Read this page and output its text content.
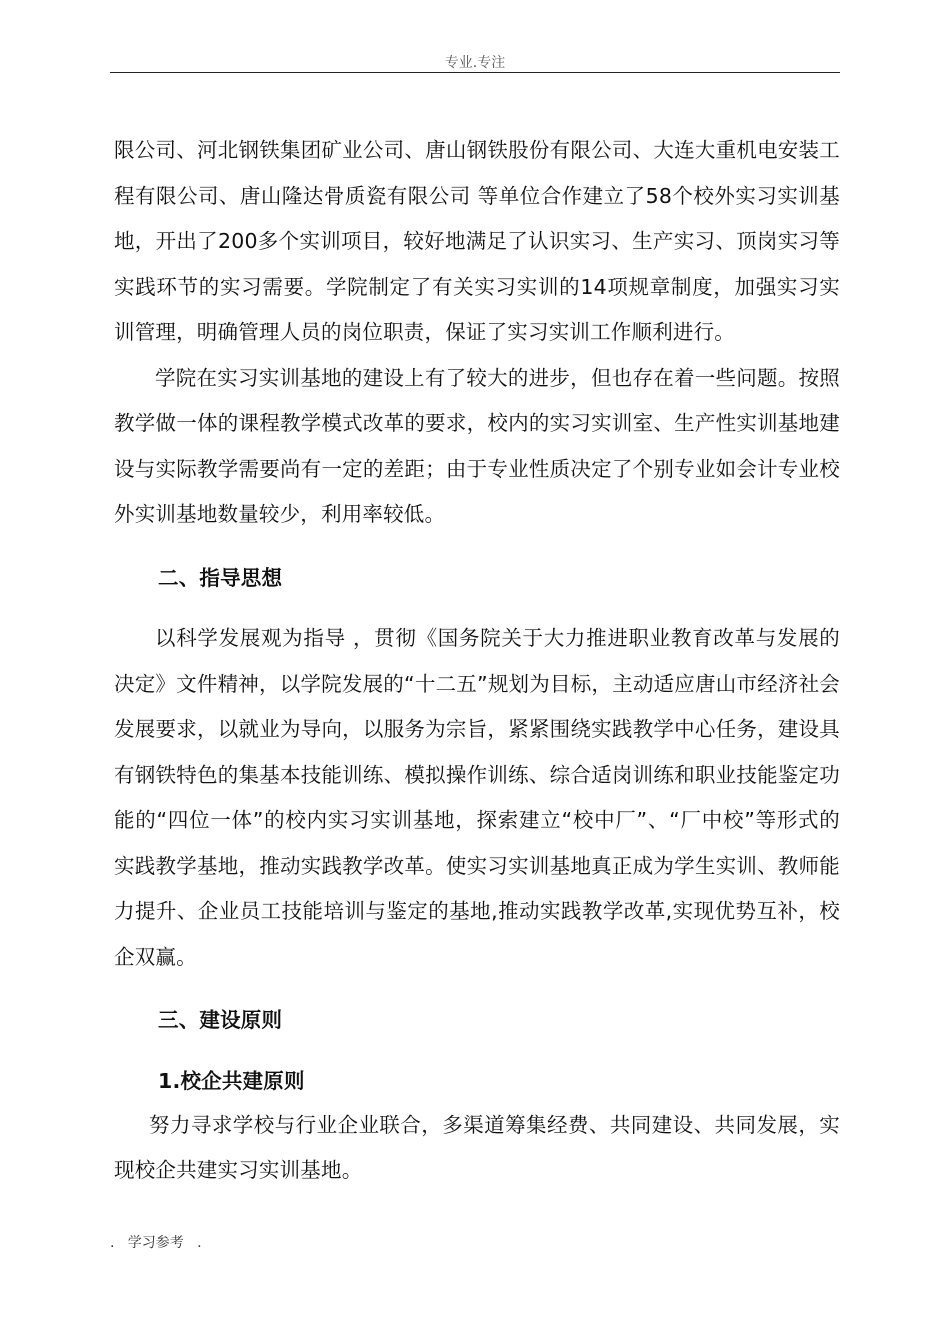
专业.专注

限公司、河北钢铁集团矿业公司、唐山钢铁股份有限公司、大连大重机电安装工程有限公司、唐山隆达骨质瓷有限公司 等单位合作建立了58个校外实习实训基地，开出了200多个实训项目，较好地满足了认识实习、生产实习、顶岗实习等实践环节的实习需要。学院制定了有关实习实训的14项规章制度，加强实习实训管理，明确管理人员的岗位职责，保证了实习实训工作顺利进行。

学院在实习实训基地的建设上有了较大的进步，但也存在着一些问题。按照教学做一体的课程教学模式改革的要求，校内的实习实训室、生产性实训基地建设与实际教学需要尚有一定的差距；由于专业性质决定了个别专业如会计专业校外实训基地数量较少，利用率较低。

二、指导思想

以科学发展观为指导 ，贯彻《国务院关于大力推进职业教育改革与发展的决定》文件精神，以学院发展的“十二五”规划为目标，主动适应唐山市经济社会发展要求，以就业为导向，以服务为宗旨，紧紧围绕实践教学中心任务，建设具有钢铁特色的集基本技能训练、模拟操作训练、综合适岗训练和职业技能鉴定功能的“四位一体”的校内实习实训基地，探索建立“校中厂”、“厂中校”等形式的实践教学基地，推动实践教学改革。使实习实训基地真正成为学生实训、教师能力提升、企业员工技能培训与鉴定的基地,推动实践教学改革,实现优势互补，校企双赢。

三、建设原则

1.校企共建原则

努力寻求学校与行业企业联合，多渠道筹集经费、共同建设、共同发展，实现校企共建实习实训基地。

.   学习参考   .
